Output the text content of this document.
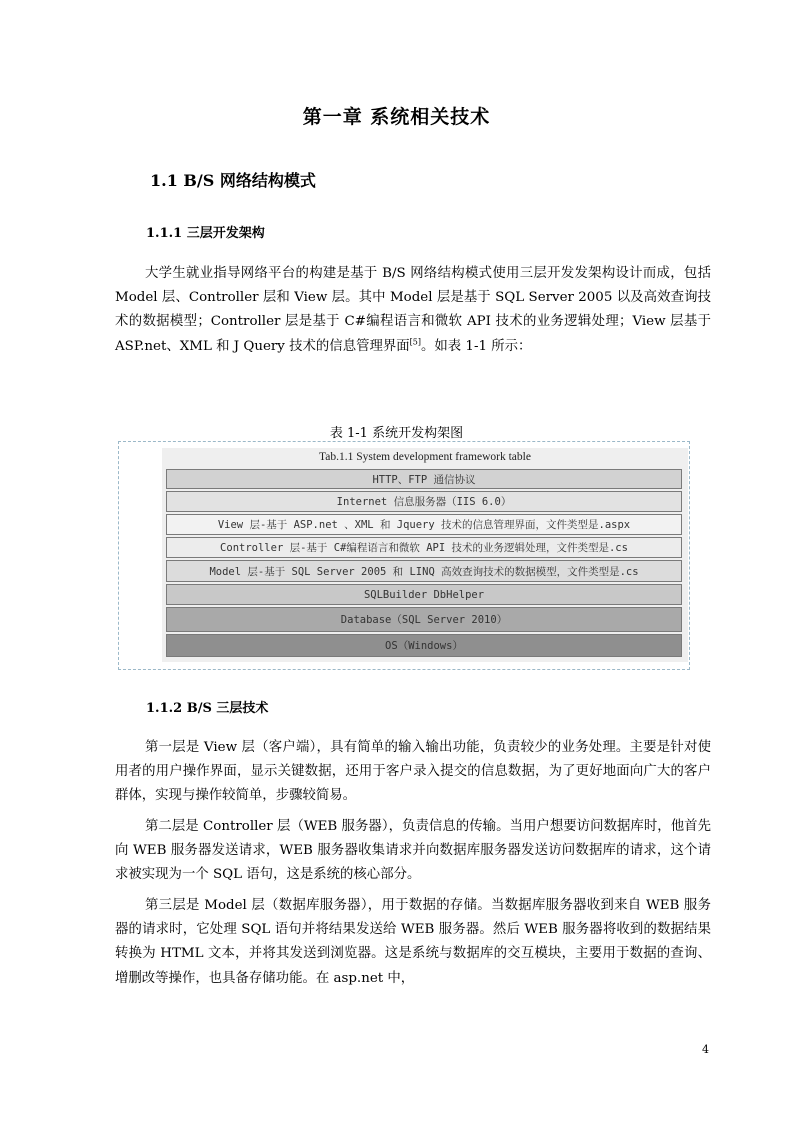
第一章 系统相关技术
1.1 B/S 网络结构模式
1.1.1 三层开发架构

大学生就业指导网络平台的构建是基于 B/S 网络结构模式使用三层开发发架构设计而成，包括 Model 层、Controller 层和 View 层。其中 Model 层是基于 SQL Server 2005 以及高效查询技术的数据模型；Controller 层是基于 C#编程语言和微软 API 技术的业务逻辑处理；View 层基于 ASP.net、XML 和 J Query 技术的信息管理界面[5]。如表 1-1 所示：

表 1-1 系统开发构架图
Tab.1.1 System development framework table
HTTP、FTP 通信协议
Internet 信息服务器（IIS 6.0）
View 层-基于 ASP.net 、XML 和 Jquery 技术的信息管理界面，文件类型是.aspx
Controller 层-基于 C#编程语言和微软 API 技术的业务逻辑处理，文件类型是.cs
Model 层-基于 SQL Server 2005 和 LINQ 高效查询技术的数据模型，文件类型是.cs
SQLBuilder DbHelper
Database（SQL Server 2010）
OS（Windows）
1.1.2 B/S 三层技术

第一层是 View 层（客户端），具有简单的输入输出功能，负责较少的业务处理。主要是针对使用者的用户操作界面，显示关键数据，还用于客户录入提交的信息数据，为了更好地面向广大的客户群体，实现与操作较简单，步骤较简易。

第二层是 Controller 层（WEB 服务器），负责信息的传输。当用户想要访问数据库时，他首先向 WEB 服务器发送请求，WEB 服务器收集请求并向数据库服务器发送访问数据库的请求，这个请求被实现为一个 SQL 语句，这是系统的核心部分。

第三层是 Model 层（数据库服务器），用于数据的存储。当数据库服务器收到来自 WEB 服务器的请求时，它处理 SQL 语句并将结果发送给 WEB 服务器。然后 WEB 服务器将收到的数据结果转换为 HTML 文本，并将其发送到浏览器。这是系统与数据库的交互模块，主要用于数据的查询、增删改等操作，也具备存储功能。在 asp.net 中，

4
